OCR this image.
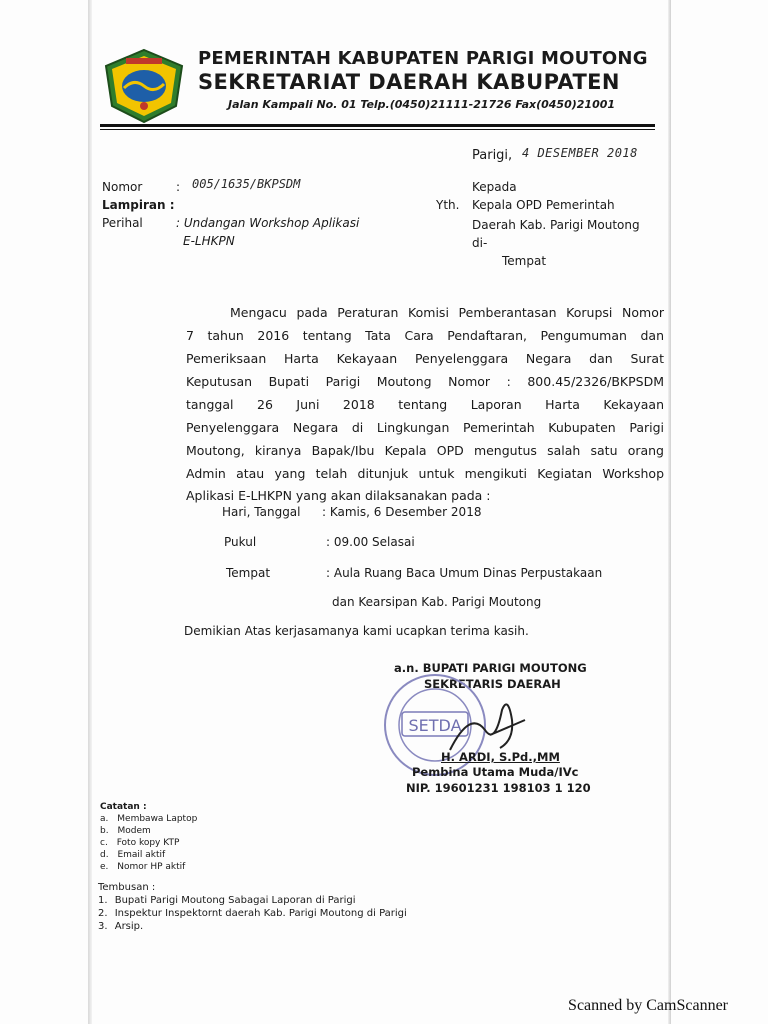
PEMERINTAH KABUPATEN PARIGI MOUTONG
SEKRETARIAT DAERAH KABUPATEN
Jalan Kampali No. 01 Telp.(0450)21111-21726 Fax(0450)21001
Parigi, 4 DESEMBER 2018
Nomor	: 005/1635/BKPSDM
Lampiran :
Perihal	: Undangan Workshop Aplikasi
E-LHKPN
Kepada
Yth. Kepala OPD Pemerintah
Daerah Kab. Parigi Moutong
di-
Tempat
Mengacu pada Peraturan Komisi Pemberantasan Korupsi Nomor
7 tahun 2016 tentang Tata Cara Pendaftaran, Pengumuman dan
Pemeriksaan Harta Kekayaan Penyelenggara Negara dan Surat
Keputusan Bupati Parigi Moutong Nomor : 800.45/2326/BKPSDM
tanggal 26 Juni 2018 tentang Laporan Harta Kekayaan
Penyelenggara Negara di Lingkungan Pemerintah Kubupaten Parigi
Moutong, kiranya Bapak/Ibu Kepala OPD mengutus salah satu orang
Admin atau yang telah ditunjuk untuk mengikuti Kegiatan Workshop
Aplikasi E-LHKPN yang akan dilaksanakan pada :
Hari, Tanggal : Kamis, 6 Desember 2018
Pukul	: 09.00 Selasai
Tempat	: Aula Ruang Baca Umum Dinas Perpustakaan
dan Kearsipan Kab. Parigi Moutong
Demikian Atas kerjasamanya kami ucapkan terima kasih.
a.n. BUPATI PARIGI MOUTONG
SEKRETARIS DAERAH
SETDA
H. ARDI, S.Pd.,MM
Pembina Utama Muda/IVc
NIP. 19601231 198103 1 120
Catatan :
a. Membawa Laptop
b. Modem
c. Foto kopy KTP
d. Email aktif
e. Nomor HP aktif
Tembusan :
1. Bupati Parigi Moutong Sabagai Laporan di Parigi
2. Inspektur Inspektornt daerah Kab. Parigi Moutong di Parigi
3. Arsip.
Scanned by CamScanner
